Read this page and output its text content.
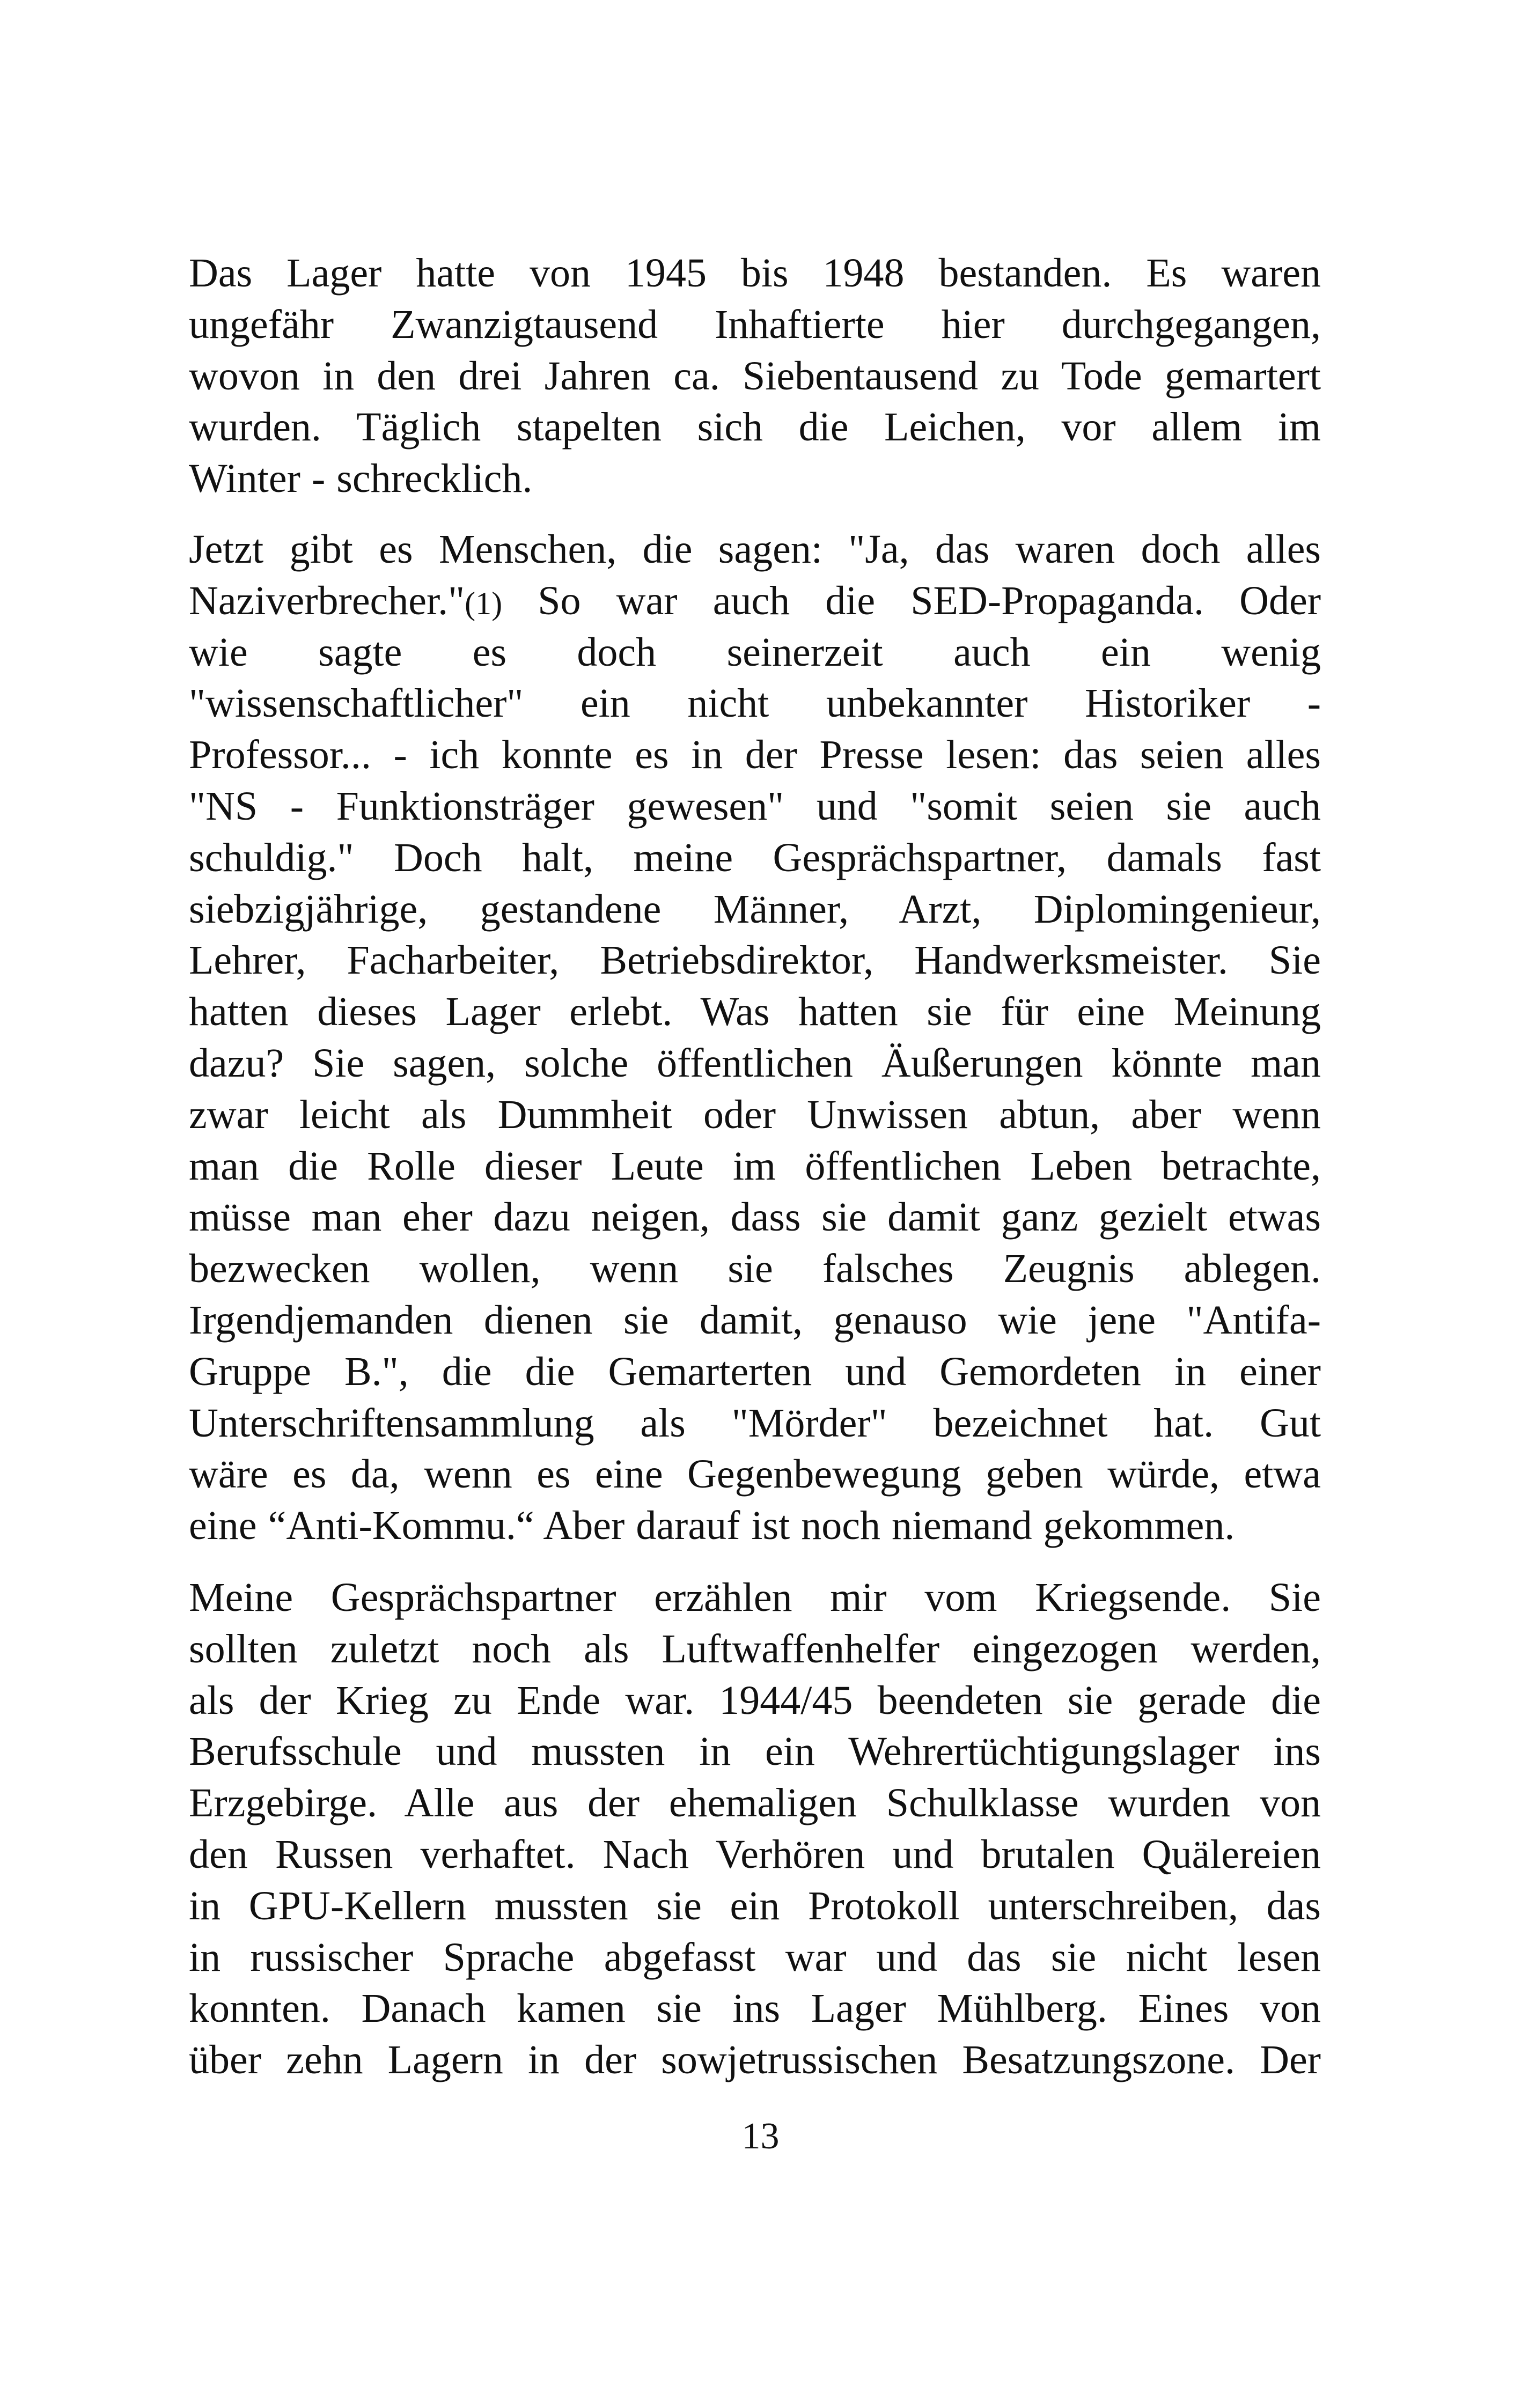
Das Lager hatte von 1945 bis 1948 bestanden. Es waren
ungefähr Zwanzigtausend Inhaftierte hier durchgegangen,
wovon in den drei Jahren ca. Siebentausend zu Tode gemartert
wurden. Täglich stapelten sich die Leichen, vor allem im
Winter - schrecklich.

Jetzt gibt es Menschen, die sagen: "Ja, das waren doch alles
Naziverbrecher."(1) So war auch die SED-Propaganda. Oder
wie sagte es doch seinerzeit auch ein wenig
"wissenschaftlicher" ein nicht unbekannter Historiker -
Professor... - ich konnte es in der Presse lesen: das seien alles
"NS - Funktionsträger gewesen" und "somit seien sie auch
schuldig." Doch halt, meine Gesprächspartner, damals fast
siebzigjährige, gestandene Männer, Arzt, Diplomingenieur,
Lehrer, Facharbeiter, Betriebsdirektor, Handwerksmeister. Sie
hatten dieses Lager erlebt. Was hatten sie für eine Meinung
dazu? Sie sagen, solche öffentlichen Äußerungen könnte man
zwar leicht als Dummheit oder Unwissen abtun, aber wenn
man die Rolle dieser Leute im öffentlichen Leben betrachte,
müsse man eher dazu neigen, dass sie damit ganz gezielt etwas
bezwecken wollen, wenn sie falsches Zeugnis ablegen.
Irgendjemanden dienen sie damit, genauso wie jene "Antifa-
Gruppe B.", die die Gemarterten und Gemordeten in einer
Unterschriftensammlung als "Mörder" bezeichnet hat. Gut
wäre es da, wenn es eine Gegenbewegung geben würde, etwa
eine “Anti-Kommu.“ Aber darauf ist noch niemand gekommen.

Meine Gesprächspartner erzählen mir vom Kriegsende. Sie
sollten zuletzt noch als Luftwaffenhelfer eingezogen werden,
als der Krieg zu Ende war. 1944/45 beendeten sie gerade die
Berufsschule und mussten in ein Wehrertüchtigungslager ins
Erzgebirge. Alle aus der ehemaligen Schulklasse wurden von
den Russen verhaftet. Nach Verhören und brutalen Quälereien
in GPU-Kellern mussten sie ein Protokoll unterschreiben, das
in russischer Sprache abgefasst war und das sie nicht lesen
konnten. Danach kamen sie ins Lager Mühlberg. Eines von
über zehn Lagern in der sowjetrussischen Besatzungszone. Der

13
